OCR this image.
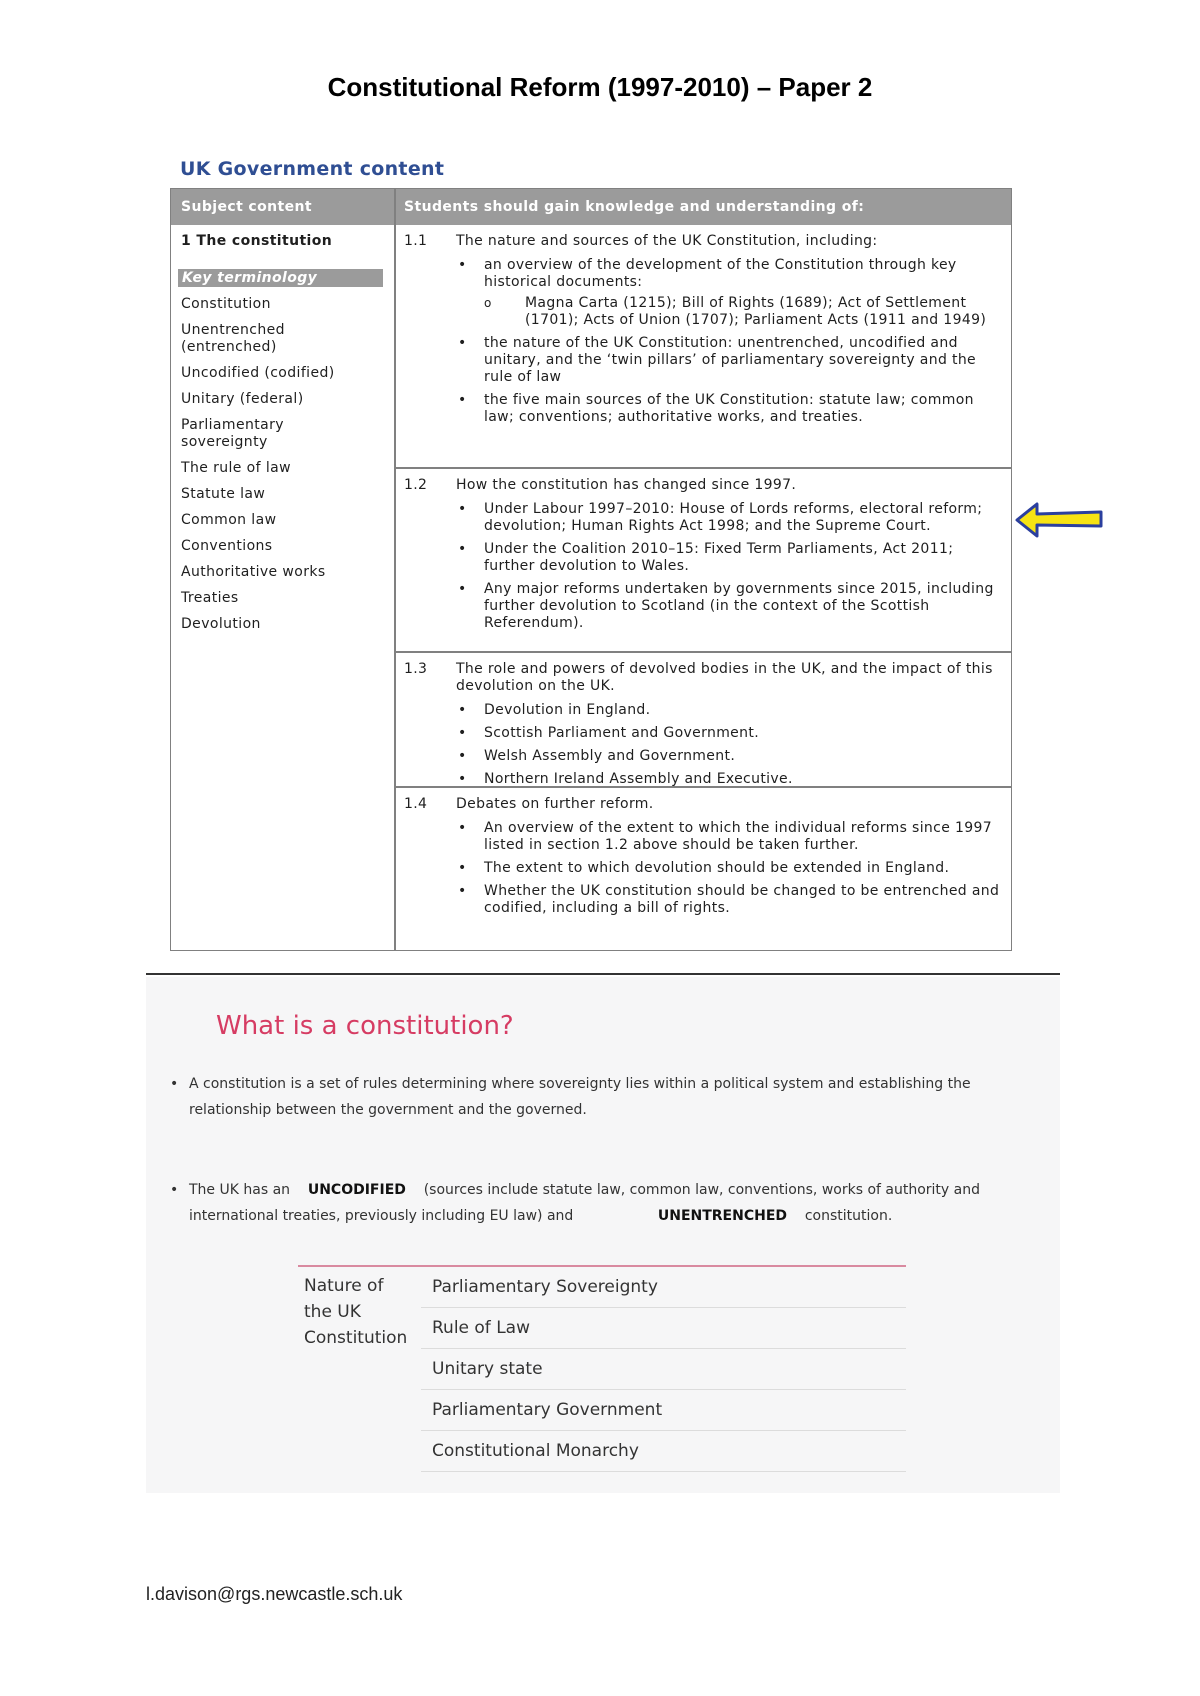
Constitutional Reform (1997-2010) – Paper 2
UK Government content
Subject content	Students should gain knowledge and understanding of:
1 The constitution
Key terminology
Constitution
Unentrenched (entrenched)
Uncodified (codified)
Unitary (federal)
Parliamentary sovereignty
The rule of law
Statute law
Common law
Conventions
Authoritative works
Treaties
Devolution
1.1 The nature and sources of the UK Constitution, including:
• an overview of the development of the Constitution through key historical documents:
o Magna Carta (1215); Bill of Rights (1689); Act of Settlement (1701); Acts of Union (1707); Parliament Acts (1911 and 1949)
• the nature of the UK Constitution: unentrenched, uncodified and unitary, and the ‘twin pillars’ of parliamentary sovereignty and the rule of law
• the five main sources of the UK Constitution: statute law; common law; conventions; authoritative works, and treaties.
1.2 How the constitution has changed since 1997.
• Under Labour 1997–2010: House of Lords reforms, electoral reform; devolution; Human Rights Act 1998; and the Supreme Court.
• Under the Coalition 2010–15: Fixed Term Parliaments, Act 2011; further devolution to Wales.
• Any major reforms undertaken by governments since 2015, including further devolution to Scotland (in the context of the Scottish Referendum).
1.3 The role and powers of devolved bodies in the UK, and the impact of this devolution on the UK.
• Devolution in England.
• Scottish Parliament and Government.
• Welsh Assembly and Government.
• Northern Ireland Assembly and Executive.
1.4 Debates on further reform.
• An overview of the extent to which the individual reforms since 1997 listed in section 1.2 above should be taken further.
• The extent to which devolution should be extended in England.
• Whether the UK constitution should be changed to be entrenched and codified, including a bill of rights.
What is a constitution?
• A constitution is a set of rules determining where sovereignty lies within a political system and establishing the relationship between the government and the governed.
• The UK has an UNCODIFIED (sources include statute law, common law, conventions, works of authority and international treaties, previously including EU law) and	UNENTRENCHED constitution.
Nature of the UK Constitution
Parliamentary Sovereignty
Rule of Law
Unitary state
Parliamentary Government
Constitutional Monarchy
l.davison@rgs.newcastle.sch.uk
